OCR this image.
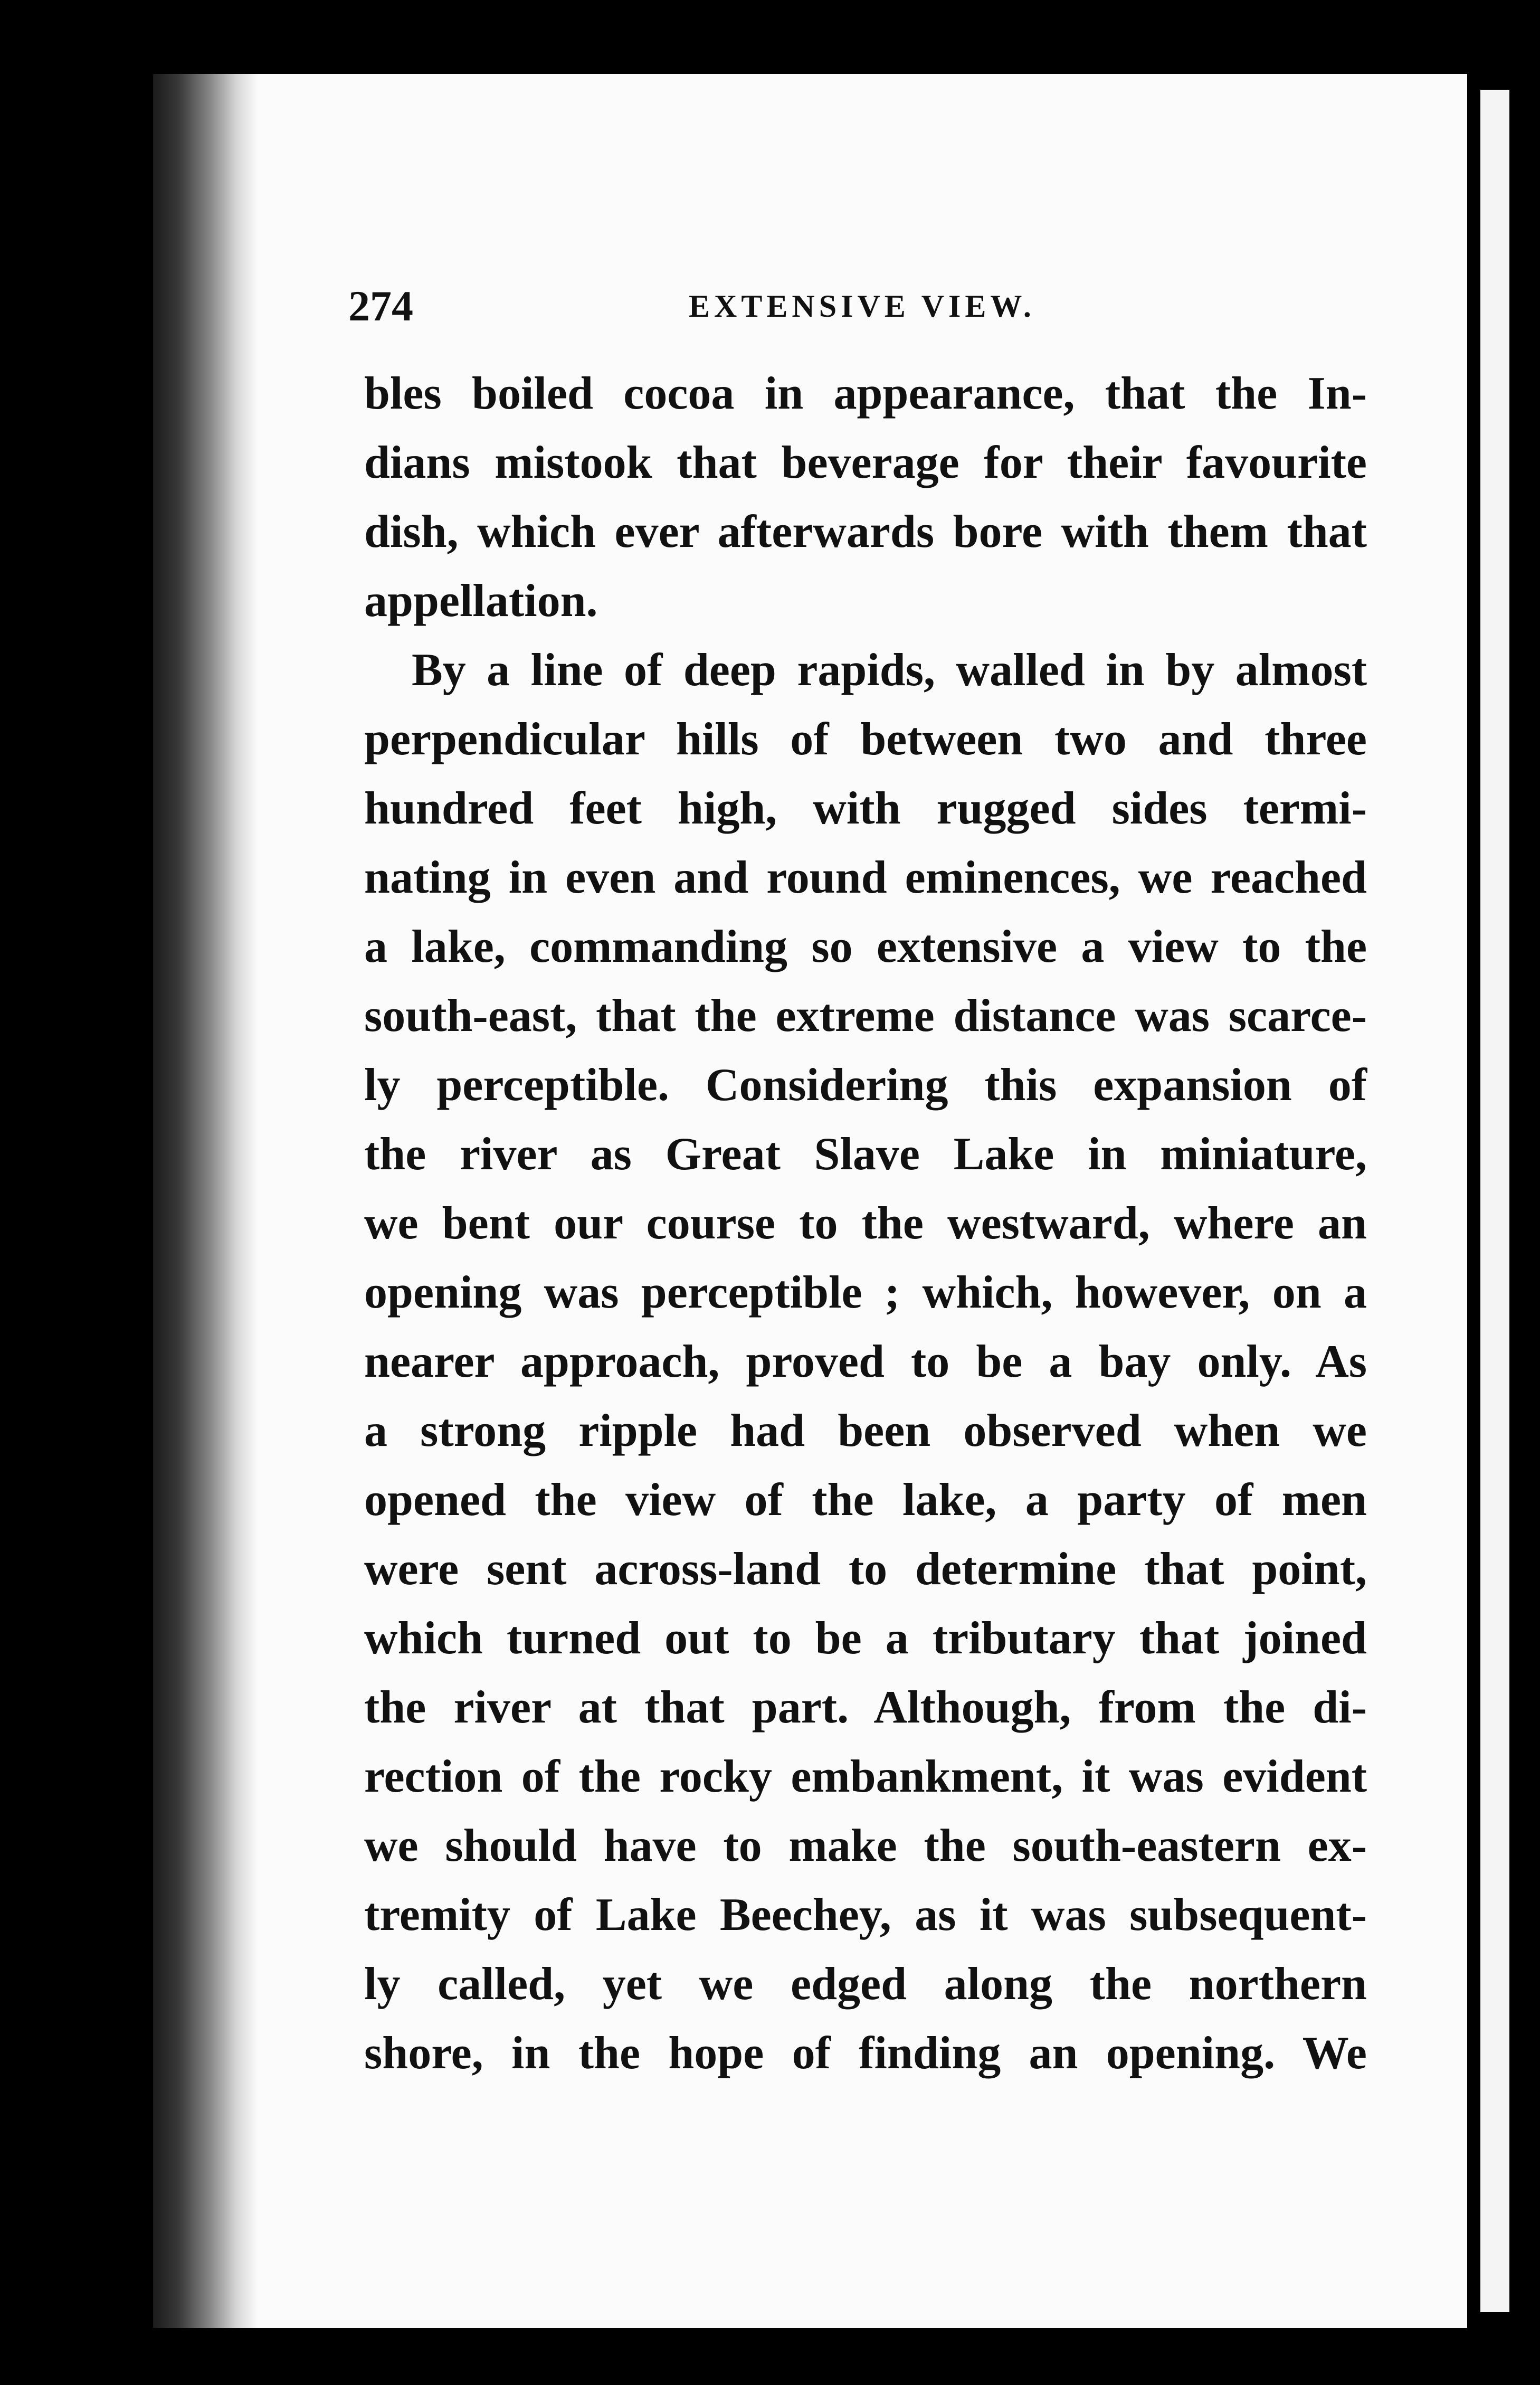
274	EXTENSIVE VIEW.
bles boiled cocoa in appearance, that the In-
dians mistook that beverage for their favourite
dish, which ever afterwards bore with them that
appellation.
By a line of deep rapids, walled in by almost
perpendicular hills of between two and three
hundred feet high, with rugged sides termi-
nating in even and round eminences, we reached
a lake, commanding so extensive a view to the
south-east, that the extreme distance was scarce-
ly perceptible. Considering this expansion of
the river as Great Slave Lake in miniature,
we bent our course to the westward, where an
opening was perceptible ; which, however, on a
nearer approach, proved to be a bay only. As
a strong ripple had been observed when we
opened the view of the lake, a party of men
were sent across-land to determine that point,
which turned out to be a tributary that joined
the river at that part. Although, from the di-
rection of the rocky embankment, it was evident
we should have to make the south-eastern ex-
tremity of Lake Beechey, as it was subsequent-
ly called, yet we edged along the northern
shore, in the hope of finding an opening. We
